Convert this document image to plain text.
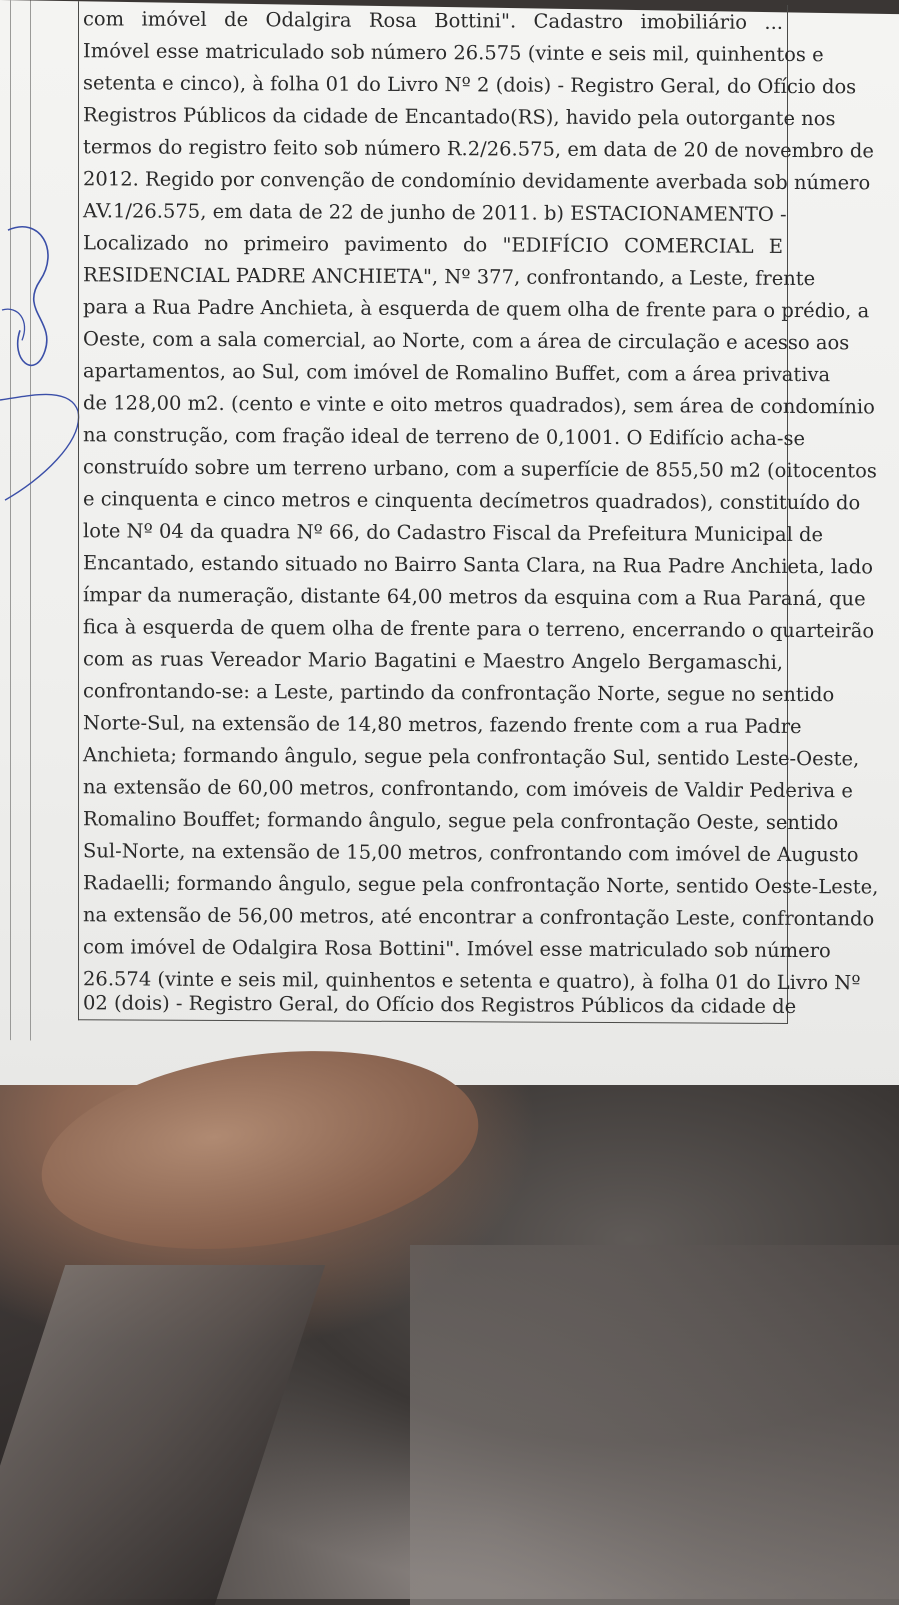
com imóvel de Odalgira Rosa Bottini". Cadastro imobiliário ...
Imóvel esse matriculado sob número 26.575 (vinte e seis mil, quinhentos e
setenta e cinco), à folha 01 do Livro Nº 2 (dois) - Registro Geral, do Ofício dos
Registros Públicos da cidade de Encantado(RS), havido pela outorgante nos
termos do registro feito sob número R.2/26.575, em data de 20 de novembro de
2012. Regido por convenção de condomínio devidamente averbada sob número
AV.1/26.575, em data de 22 de junho de 2011. b) ESTACIONAMENTO -
Localizado no primeiro pavimento do "EDIFÍCIO COMERCIAL E
RESIDENCIAL PADRE ANCHIETA", Nº 377, confrontando, a Leste, frente
para a Rua Padre Anchieta, à esquerda de quem olha de frente para o prédio, a
Oeste, com a sala comercial, ao Norte, com a área de circulação e acesso aos
apartamentos, ao Sul, com imóvel de Romalino Buffet, com a área privativa
de 128,00 m2. (cento e vinte e oito metros quadrados), sem área de condomínio
na construção, com fração ideal de terreno de 0,1001. O Edifício acha-se
construído sobre um terreno urbano, com a superfície de 855,50 m2 (oitocentos
e cinquenta e cinco metros e cinquenta decímetros quadrados), constituído do
lote Nº 04 da quadra Nº 66, do Cadastro Fiscal da Prefeitura Municipal de
Encantado, estando situado no Bairro Santa Clara, na Rua Padre Anchieta, lado
ímpar da numeração, distante 64,00 metros da esquina com a Rua Paraná, que
fica à esquerda de quem olha de frente para o terreno, encerrando o quarteirão
com as ruas Vereador Mario Bagatini e Maestro Angelo Bergamaschi,
confrontando-se: a Leste, partindo da confrontação Norte, segue no sentido
Norte-Sul, na extensão de 14,80 metros, fazendo frente com a rua Padre
Anchieta; formando ângulo, segue pela confrontação Sul, sentido Leste-Oeste,
na extensão de 60,00 metros, confrontando, com imóveis de Valdir Pederiva e
Romalino Bouffet; formando ângulo, segue pela confrontação Oeste, sentido
Sul-Norte, na extensão de 15,00 metros, confrontando com imóvel de Augusto
Radaelli; formando ângulo, segue pela confrontação Norte, sentido Oeste-Leste,
na extensão de 56,00 metros, até encontrar a confrontação Leste, confrontando
com imóvel de Odalgira Rosa Bottini". Imóvel esse matriculado sob número
26.574 (vinte e seis mil, quinhentos e setenta e quatro), à folha 01 do Livro Nº
02 (dois) - Registro Geral, do Ofício dos Registros Públicos da cidade de
